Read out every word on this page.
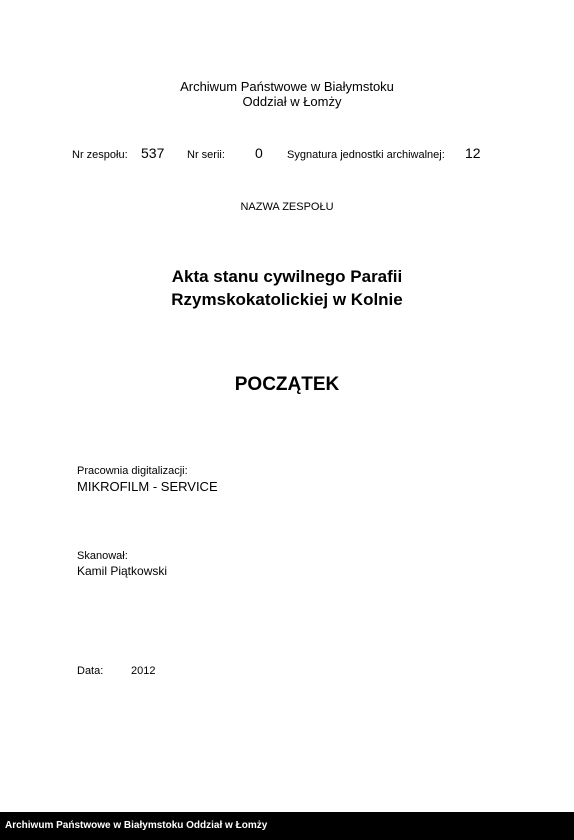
Archiwum Państwowe w Białymstoku
Oddział w Łomży
Nr zespołu: 537 Nr serii: 0 Sygnatura jednostki archiwalnej: 12
NAZWA ZESPOŁU
Akta stanu cywilnego Parafii
Rzymskokatolickiej w Kolnie
POCZĄTEK
Pracownia digitalizacji:
MIKROFILM - SERVICE
Skanował:
Kamil Piątkowski
Data:	2012
Archiwum Państwowe w Białymstoku Oddział w Łomży
